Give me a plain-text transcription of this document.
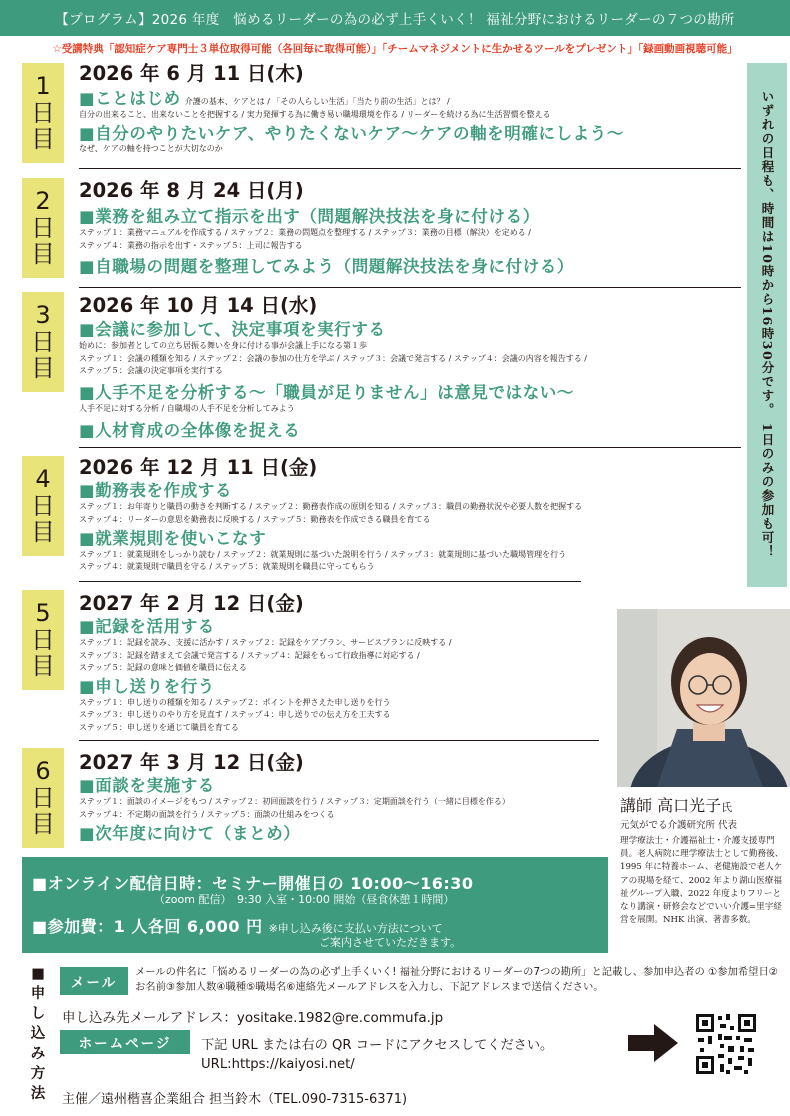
【プログラム】2026 年度　悩めるリーダーの為の必ず上手くいく！ 福祉分野におけるリーダーの７つの勘所
☆受講特典「認知症ケア専門士３単位取得可能（各回毎に取得可能）」「チームマネジメントに生かせるツールをプレゼント」「録画動画視聴可能」
1
日
目
2
日
目
3
日
目
4
日
目
5
日
目
6
日
目
2026 年 6 月 11 日(木)
■ことはじめ 介護の基本、ケアとは / 「その人らしい生活」「当たり前の生活」とは？ /
自分の出来ること、出来ないことを把握する / 実力発揮する為に働き易い職場環境を作る / リーダーを続ける為に生活習慣を整える
■自分のやりたいケア、やりたくないケア～ケアの軸を明確にしよう～
なぜ、ケアの軸を持つことが大切なのか
2026 年 8 月 24 日(月)
■業務を組み立て指示を出す（問題解決技法を身に付ける）
ステップ１：業務マニュアルを作成する / ステップ２：業務の問題点を整理する / ステップ３：業務の目標（解決）を定める /
ステップ４：業務の指示を出す・ステップ５：上司に報告する
■自職場の問題を整理してみよう（問題解決技法を身に付ける）
2026 年 10 月 14 日(水)
■会議に参加して、決定事項を実行する
始めに：参加者としての立ち居振る舞いを身に付ける事が会議上手になる第１歩
ステップ１：会議の種類を知る / ステップ２：会議の参加の仕方を学ぶ / ステップ３：会議で発言する / ステップ４：会議の内容を報告する /
ステップ５：会議の決定事項を実行する
■人手不足を分析する～「職員が足りません」は意見ではない～
人手不足に対する分析 / 自職場の人手不足を分析してみよう
■人材育成の全体像を捉える
2026 年 12 月 11 日(金)
■勤務表を作成する
ステップ１：お年寄りと職員の動きを判断する / ステップ２：勤務表作成の原則を知る / ステップ３：職員の勤務状況や必要人数を把握する
ステップ４：リーダーの意思を勤務表に反映する / ステップ５：勤務表を作成できる職員を育てる
■就業規則を使いこなす
ステップ１：就業規則をしっかり読む / ステップ２：就業規則に基づいた説明を行う / ステップ３：就業規則に基づいた職場管理を行う
ステップ４：就業規則で職員を守る / ステップ５：就業規則を職員に守ってもらう
2027 年 2 月 12 日(金)
■記録を活用する
ステップ１：記録を読み、支援に活かす / ステップ２：記録をケアプラン、サービスプランに反映する /
ステップ３：記録を踏まえて会議で発言する / ステップ４：記録をもって行政指導に対応する /
ステップ５：記録の意味と価値を職員に伝える
■申し送りを行う
ステップ１：申し送りの種類を知る / ステップ２：ポイントを押さえた申し送りを行う
ステップ３：申し送りのやり方を見直す / ステップ４：申し送りでの伝え方を工夫する
ステップ５：申し送りを通じて職員を育てる
2027 年 3 月 12 日(金)
■面談を実施する
ステップ１：面談のイメージをもつ / ステップ２：初回面談を行う / ステップ３：定期面談を行う（一緒に目標を作る）
ステップ４：不定期の面談を行う / ステップ５：面談の仕組みをつくる
■次年度に向けて（まとめ）
いずれの日程も、時間は10時から16時30分です。 1日のみの参加も可！
講師 高口光子氏
元気がでる介護研究所 代表
理学療法士・介護福祉士・介護支援専門員。老人病院に理学療法士として勤務後、1995 年に特養ホーム、老健施設で老人ケアの現場を経て、2002 年より湖山医療福祉グループ入職、2022 年度よりフリーとなり講演・研修会などでいい介護=里宇経営を展開。NHK 出演、著書多数。
■オンライン配信日時：セミナー開催日の 10:00～16:30
（zoom 配信）　9:30 入室・10:00 開始（昼食休憩１時間）
■参加費：1 人各回 6,000 円 ※申し込み後に支払い方法について
ご案内させていただきます。
■
申
し
込
み
方
法
メール
メールの件名に「悩めるリーダーの為の必ず上手くいく! 福祉分野におけるリーダーの7つの勘所」と記載し、参加申込者の ①参加希望日②お名前③参加人数④職種⑤職場名⑥連絡先メールアドレスを入力し、下記アドレスまで送信ください。
申し込み先メールアドレス：yositake.1982@re.commufa.jp
ホームページ	下記 URL または右の QR コードにアクセスしてください。
URL:https://kaiyosi.net/
主催／遠州楷喜企業組合 担当鈴木（TEL.090-7315-6371)
